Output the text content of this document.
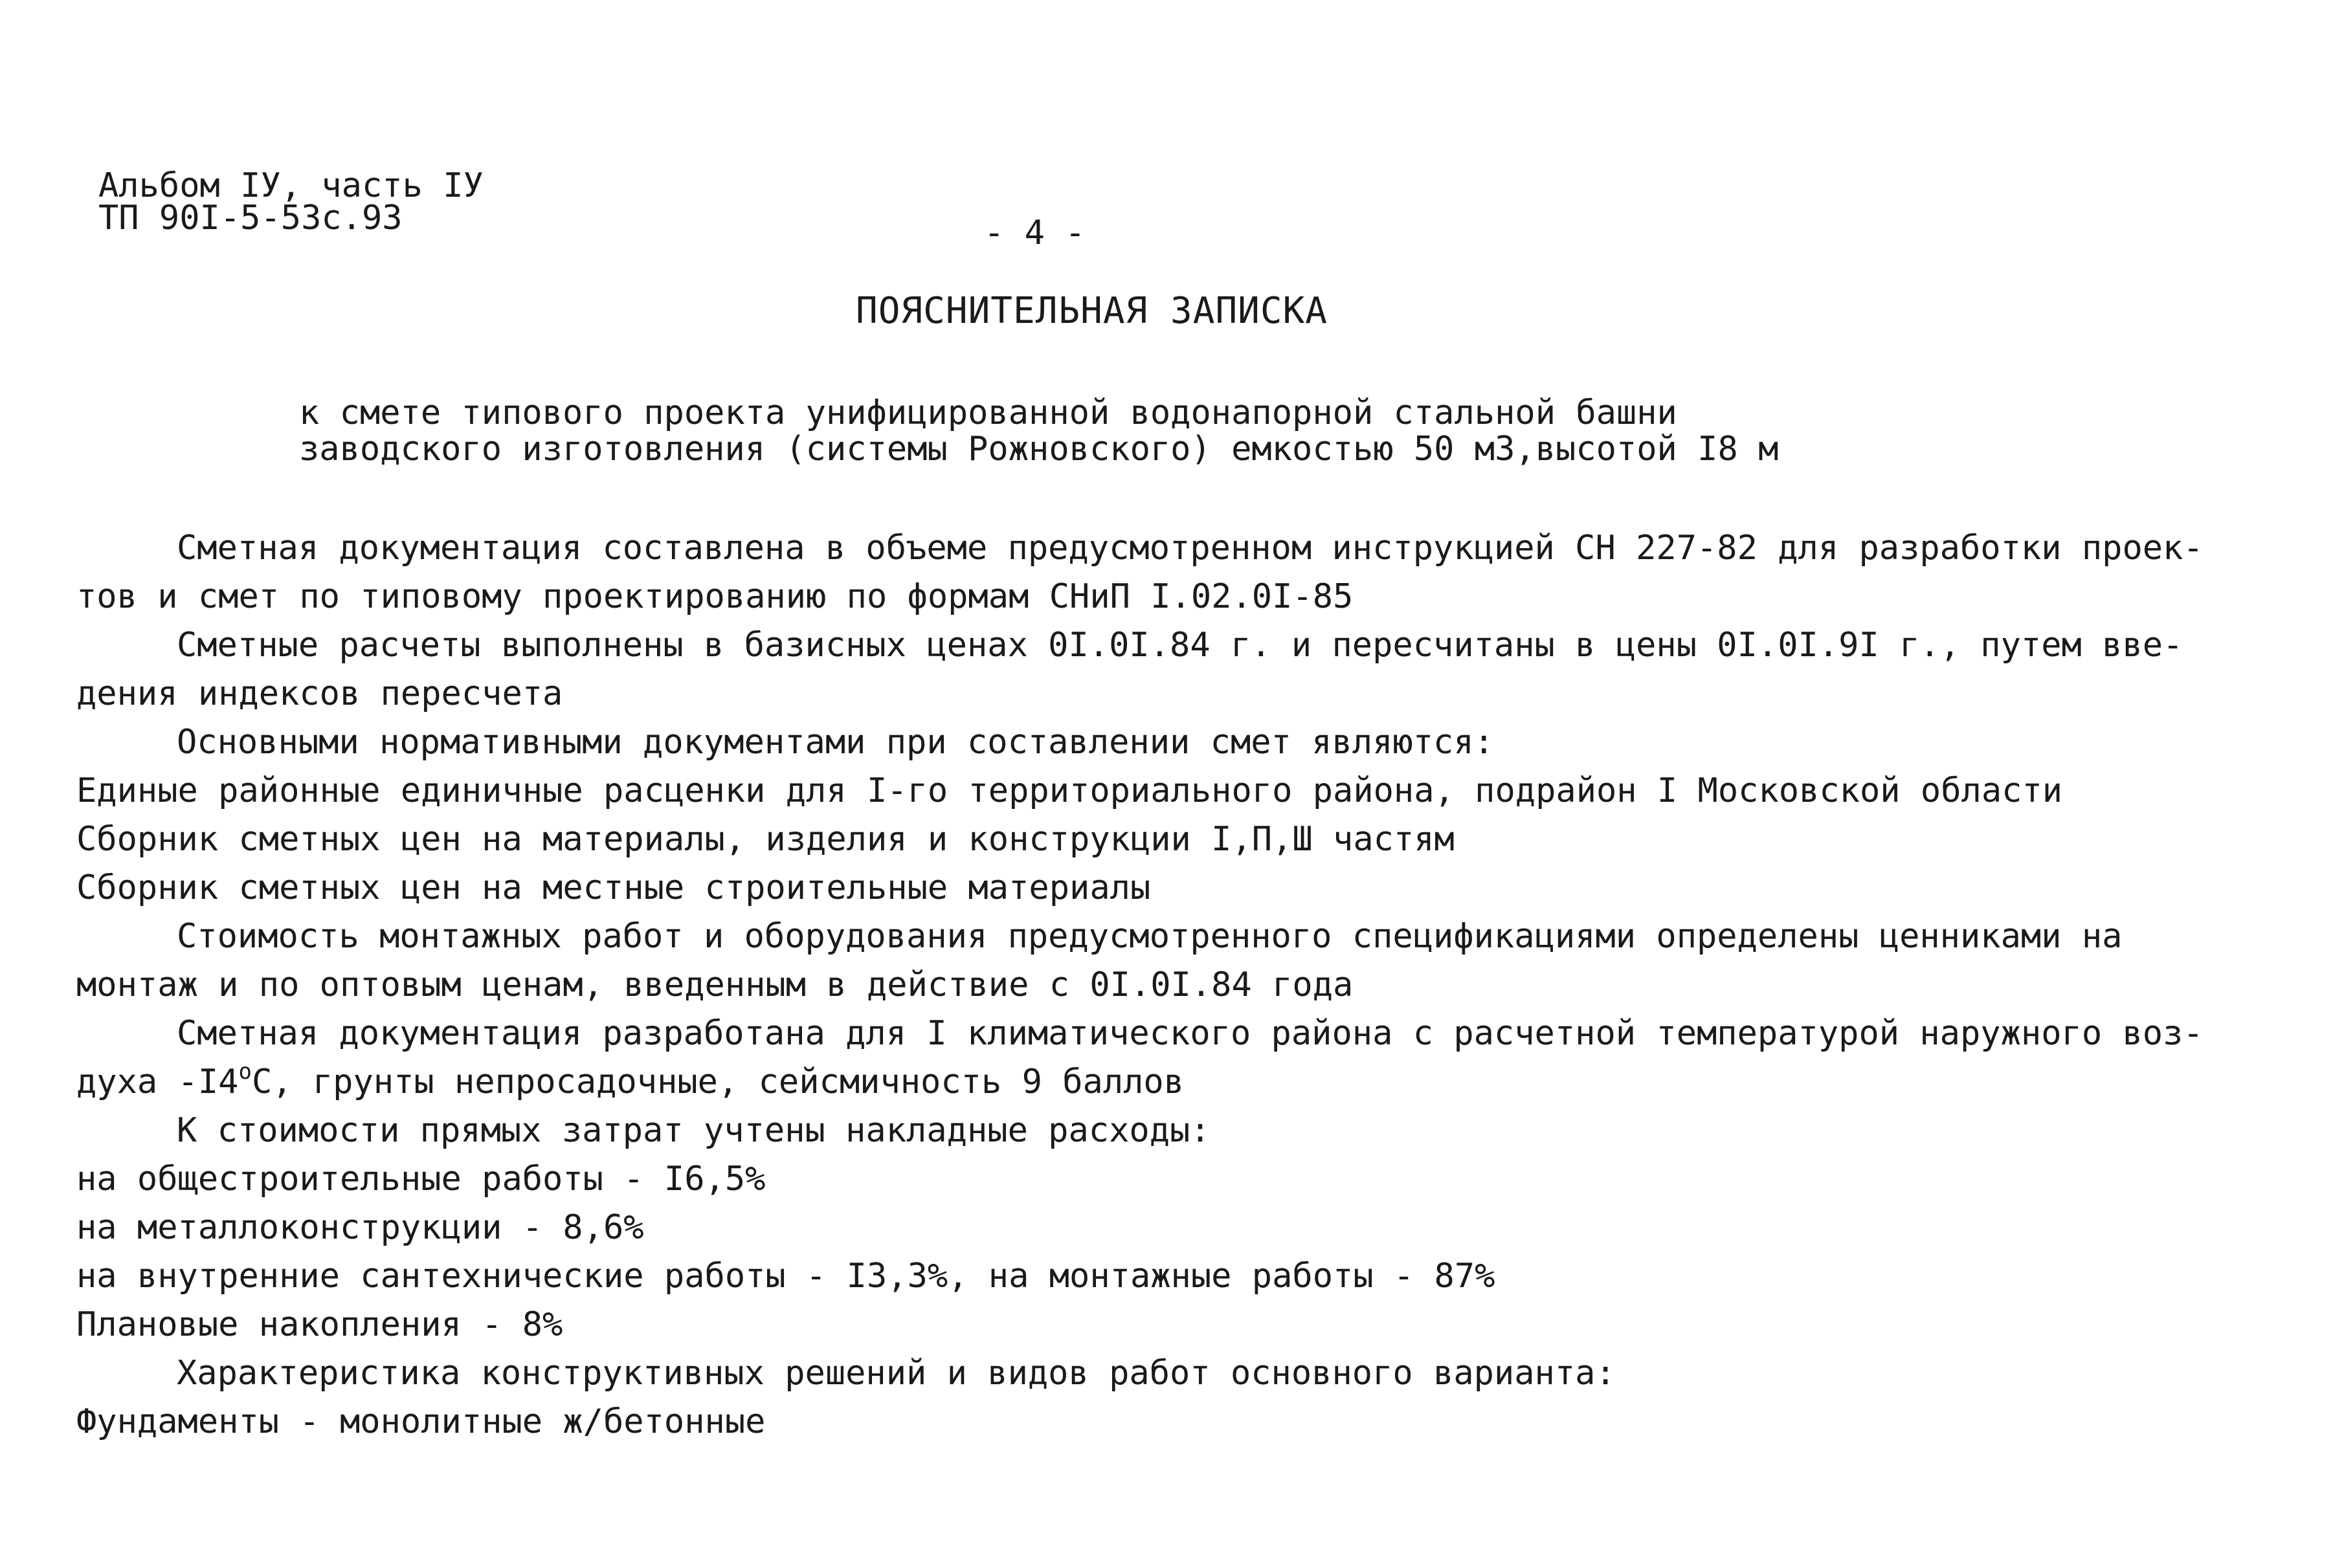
Альбом IУ, часть IУ
ТП 90I-5-53с.93	- 4 -
ПОЯСНИТЕЛЬНАЯ ЗАПИСКА
к смете типового проекта унифицированной водонапорной стальной башни
заводского изготовления (системы Рожновского) емкостью 50 м3,высотой I8 м
Сметная документация составлена в объеме предусмотренном инструкцией СН 227-82 для разработки проек-
тов и смет по типовому проектированию по формам СНиП I.02.0I-85
Сметные расчеты выполнены в базисных ценах 0I.0I.84 г. и пересчитаны в цены 0I.0I.9I г., путем вве-
дения индексов пересчета
Основными нормативными документами при составлении смет являются:
Единые районные единичные расценки для I-го территориального района, подрайон I Московской области
Сборник сметных цен на материалы, изделия и конструкции I,П,Ш частям
Сборник сметных цен на местные строительные материалы
Стоимость монтажных работ и оборудования предусмотренного спецификациями определены ценниками на
монтаж и по оптовым ценам, введенным в действие с 0I.0I.84 года
Сметная документация разработана для I климатического района с расчетной температурой наружного воз-
духа $-I4^оС$, грунты непросадочные, сейсмичность 9 баллов
К стоимости прямых затрат учтены накладные расходы:
на общестроительные работы - I6,5%
на металлоконструкции - 8,6%
на внутренние сантехнические работы - I3,3%, на монтажные работы - 87%
Плановые накопления - 8%
Характеристика конструктивных решений и видов работ основного варианта:
Фундаменты - монолитные ж/бетонные
